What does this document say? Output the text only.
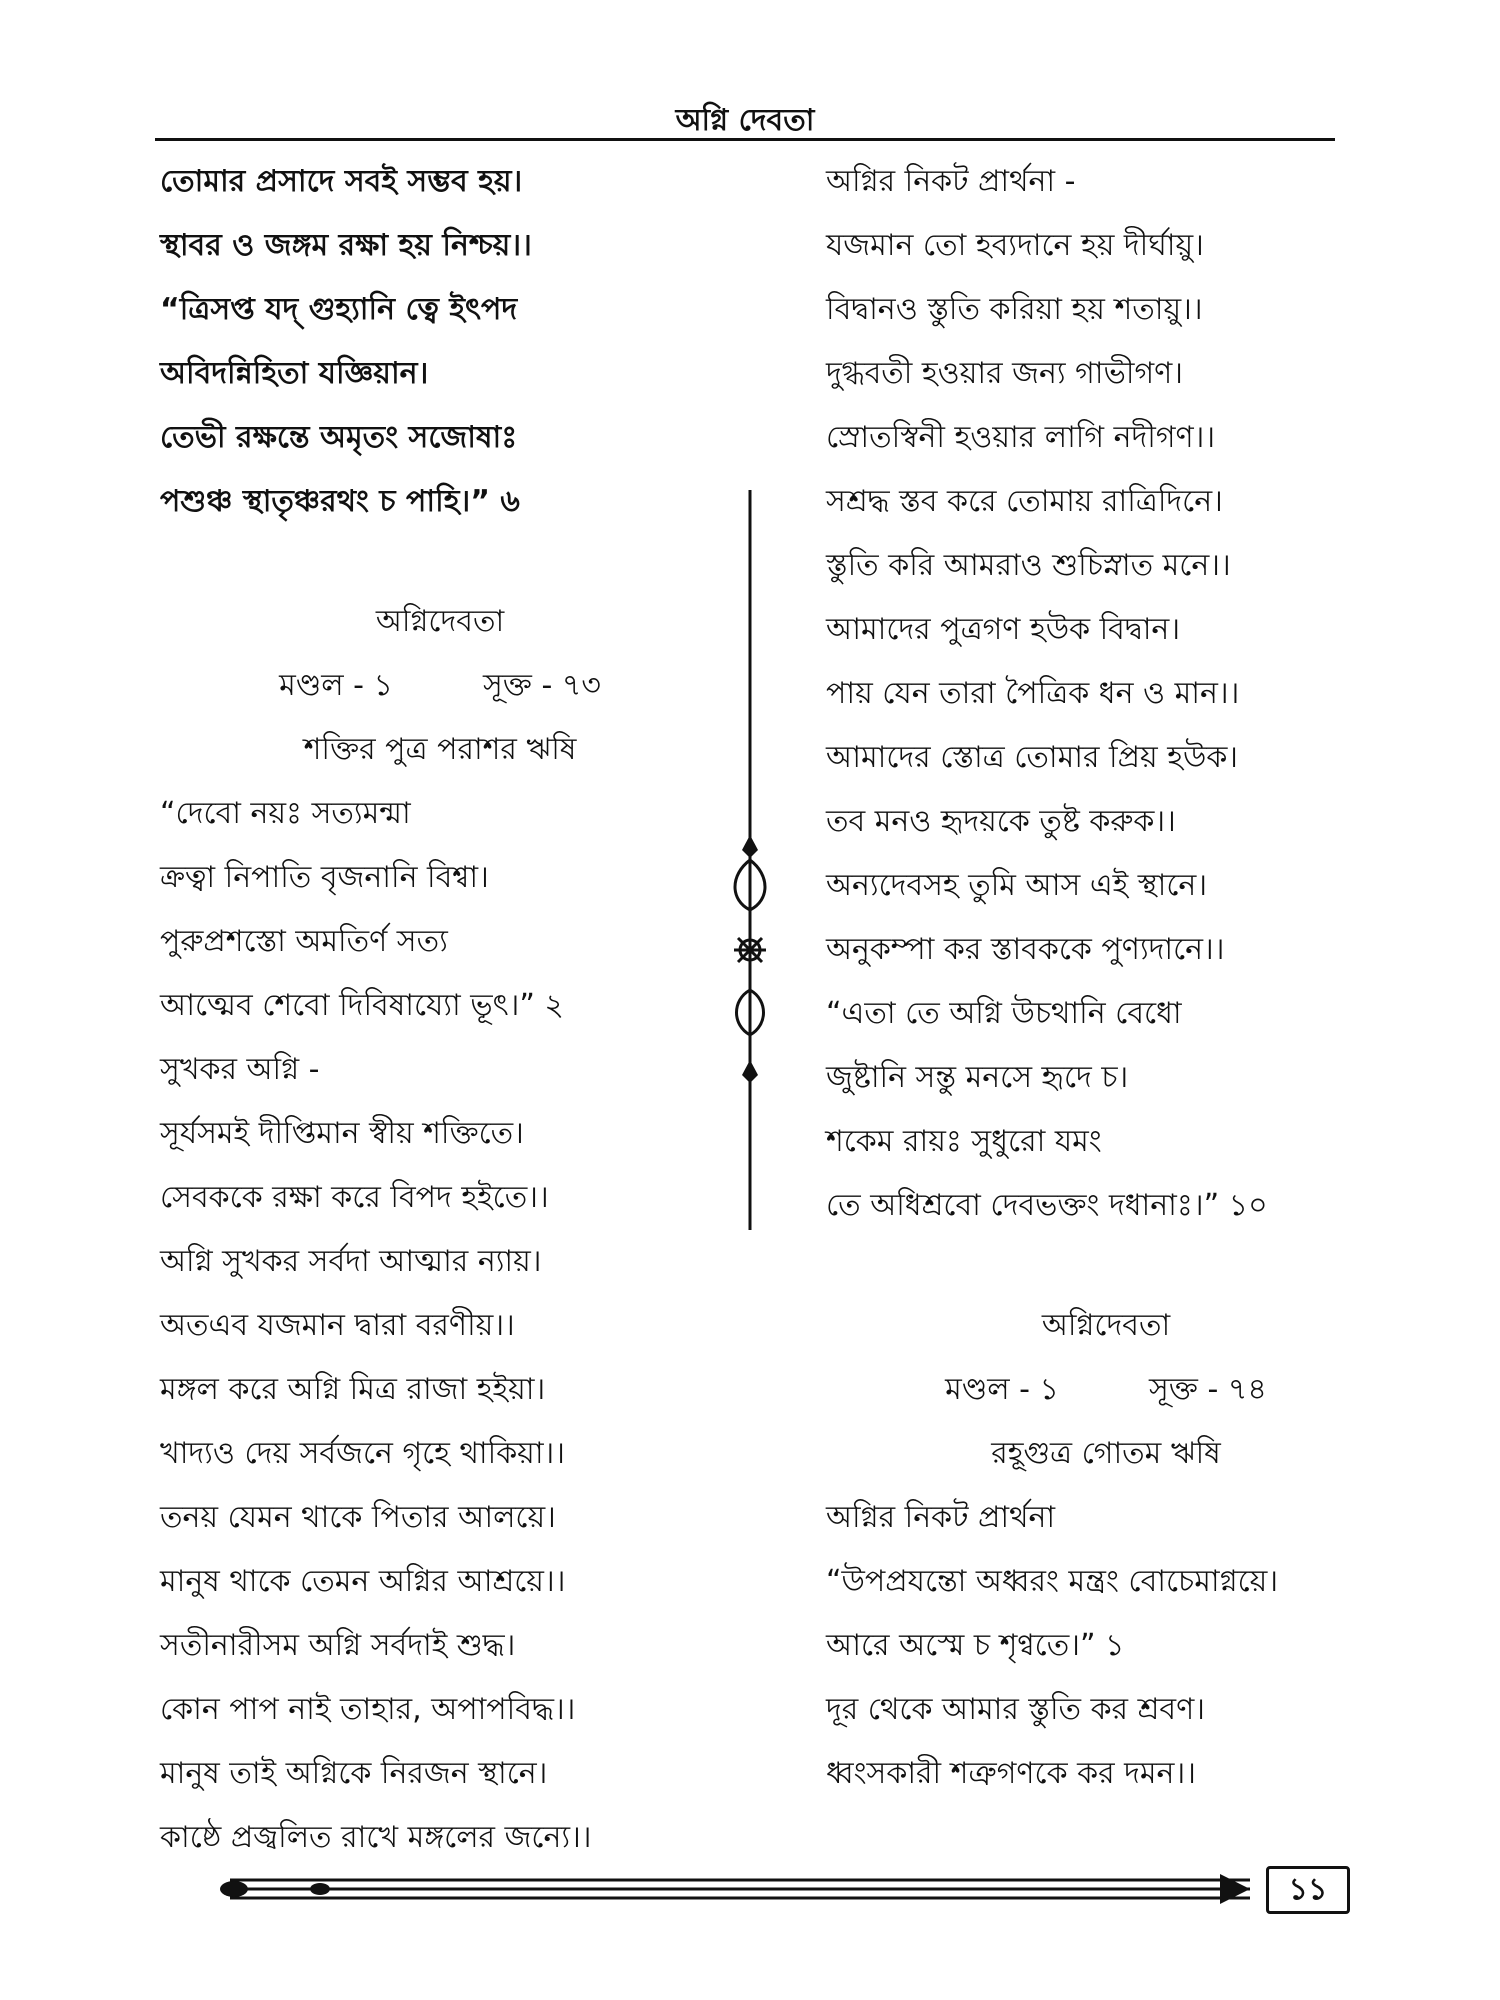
অগ্নি দেবতা
তোমার প্রসাদে সবই সম্ভব হয়।
স্থাবর ও জঙ্গম রক্ষা হয় নিশ্চয়।।
“ত্রিসপ্ত যদ্ গুহ্যানি ত্বে ইৎপদ
অবিদন্নিহিতা যজ্ঞিয়ান।
তেভী রক্ষন্তে অমৃতং সজোষাঃ
পশুঞ্চ স্থাতৃঞ্চরথং চ পাহি।” ৬
অগ্নিদেবতা
মণ্ডল - ১	সূক্ত - ৭৩
শক্তির পুত্র পরাশর ঋষি
“দেবো নয়ঃ সত্যমন্মা
ক্রত্বা নিপাতি বৃজনানি বিশ্বা।
পুরুপ্রশস্তো অমতির্ণ সত্য
আত্মেব শেবো দিবিষায্যো ভূৎ।” ২
সুখকর অগ্নি -
সূর্যসমই দীপ্তিমান স্বীয় শক্তিতে।
সেবককে রক্ষা করে বিপদ হইতে।।
অগ্নি সুখকর সর্বদা আত্মার ন্যায়।
অতএব যজমান দ্বারা বরণীয়।।
মঙ্গল করে অগ্নি মিত্র রাজা হইয়া।
খাদ্যও দেয় সর্বজনে গৃহে থাকিয়া।।
তনয় যেমন থাকে পিতার আলয়ে।
মানুষ থাকে তেমন অগ্নির আশ্রয়ে।।
সতীনারীসম অগ্নি সর্বদাই শুদ্ধ।
কোন পাপ নাই তাহার, অপাপবিদ্ধ।।
মানুষ তাই অগ্নিকে নিরজন স্থানে।
কাষ্ঠে প্রজ্বলিত রাখে মঙ্গলের জন্যে।।
অগ্নির নিকট প্রার্থনা -
যজমান তো হব্যদানে হয় দীর্ঘায়ু।
বিদ্বানও স্তুতি করিয়া হয় শতায়ু।।
দুগ্ধবতী হওয়ার জন্য গাভীগণ।
স্রোতস্বিনী হওয়ার লাগি নদীগণ।।
সশ্রদ্ধ স্তব করে তোমায় রাত্রিদিনে।
স্তুতি করি আমরাও শুচিস্নাত মনে।।
আমাদের পুত্রগণ হউক বিদ্বান।
পায় যেন তারা পৈত্রিক ধন ও মান।।
আমাদের স্তোত্র তোমার প্রিয় হউক।
তব মনও হৃদয়কে তুষ্ট করুক।।
অন্যদেবসহ তুমি আস এই স্থানে।
অনুকম্পা কর স্তাবককে পুণ্যদানে।।
“এতা তে অগ্নি উচথানি বেধো
জুষ্টানি সন্তু মনসে হৃদে চ।
শকেম রায়ঃ সুধুরো যমং
তে অধিশ্রবো দেবভক্তং দধানাঃ।” ১০
অগ্নিদেবতা
মণ্ডল - ১	সূক্ত - ৭৪
রহূগুত্র গোতম ঋষি
অগ্নির নিকট প্রার্থনা
“উপপ্রযন্তো অধ্বরং মন্ত্রং বোচেমাগ্নয়ে।
আরে অস্মে চ শৃণ্বতে।” ১
দূর থেকে আমার স্তুতি কর শ্রবণ।
ধ্বংসকারী শত্রুগণকে কর দমন।।
১১
